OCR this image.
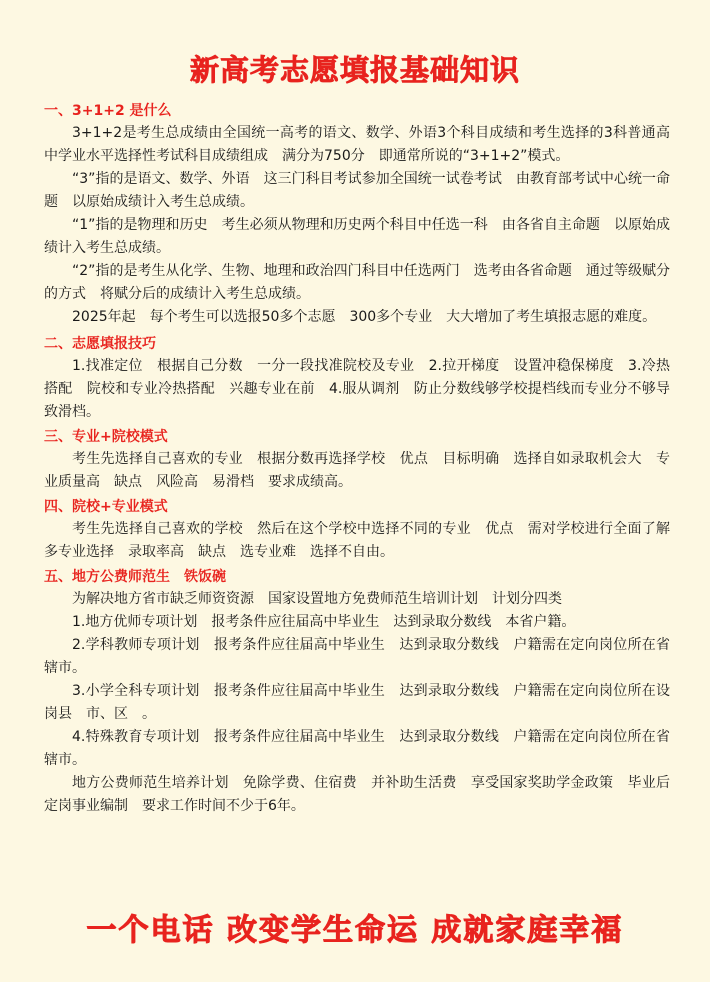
新高考志愿填报基础知识
一、3+1+2 是什么

3+1+2是考生总成绩由全国统一高考的语文、数学、外语3个科目成绩和考生选择的3科普通高中学业水平选择性考试科目成绩组成　满分为750分　即通常所说的“3+1+2”模式。

“3”指的是语文、数学、外语　这三门科目考试参加全国统一试卷考试　由教育部考试中心统一命题　以原始成绩计入考生总成绩。

“1”指的是物理和历史　考生必须从物理和历史两个科目中任选一科　由各省自主命题　以原始成绩计入考生总成绩。

“2”指的是考生从化学、生物、地理和政治四门科目中任选两门　选考由各省命题　通过等级赋分的方式　将赋分后的成绩计入考生总成绩。

2025年起　每个考生可以选报50多个志愿　300多个专业　大大增加了考生填报志愿的难度。

二、志愿填报技巧

1.找准定位　根据自己分数　一分一段找准院校及专业　2.拉开梯度　设置冲稳保梯度　3.冷热搭配　院校和专业冷热搭配　兴趣专业在前　4.服从调剂　防止分数线够学校提档线而专业分不够导致滑档。

三、专业+院校模式

考生先选择自己喜欢的专业　根据分数再选择学校　优点　目标明确　选择自如录取机会大　专业质量高　缺点　风险高　易滑档　要求成绩高。

四、院校+专业模式

考生先选择自己喜欢的学校　然后在这个学校中选择不同的专业　优点　需对学校进行全面了解　多专业选择　录取率高　缺点　选专业难　选择不自由。

五、地方公费师范生　铁饭碗

为解决地方省市缺乏师资资源　国家设置地方免费师范生培训计划　计划分四类

1.地方优师专项计划　报考条件应往届高中毕业生　达到录取分数线　本省户籍。

2.学科教师专项计划　报考条件应往届高中毕业生　达到录取分数线　户籍需在定向岗位所在省辖市。

3.小学全科专项计划　报考条件应往届高中毕业生　达到录取分数线　户籍需在定向岗位所在设岗县　市、区　。

4.特殊教育专项计划　报考条件应往届高中毕业生　达到录取分数线　户籍需在定向岗位所在省辖市。

地方公费师范生培养计划　免除学费、住宿费　并补助生活费　享受国家奖助学金政策　毕业后定岗事业编制　要求工作时间不少于6年。

一个电话 改变学生命运 成就家庭幸福
